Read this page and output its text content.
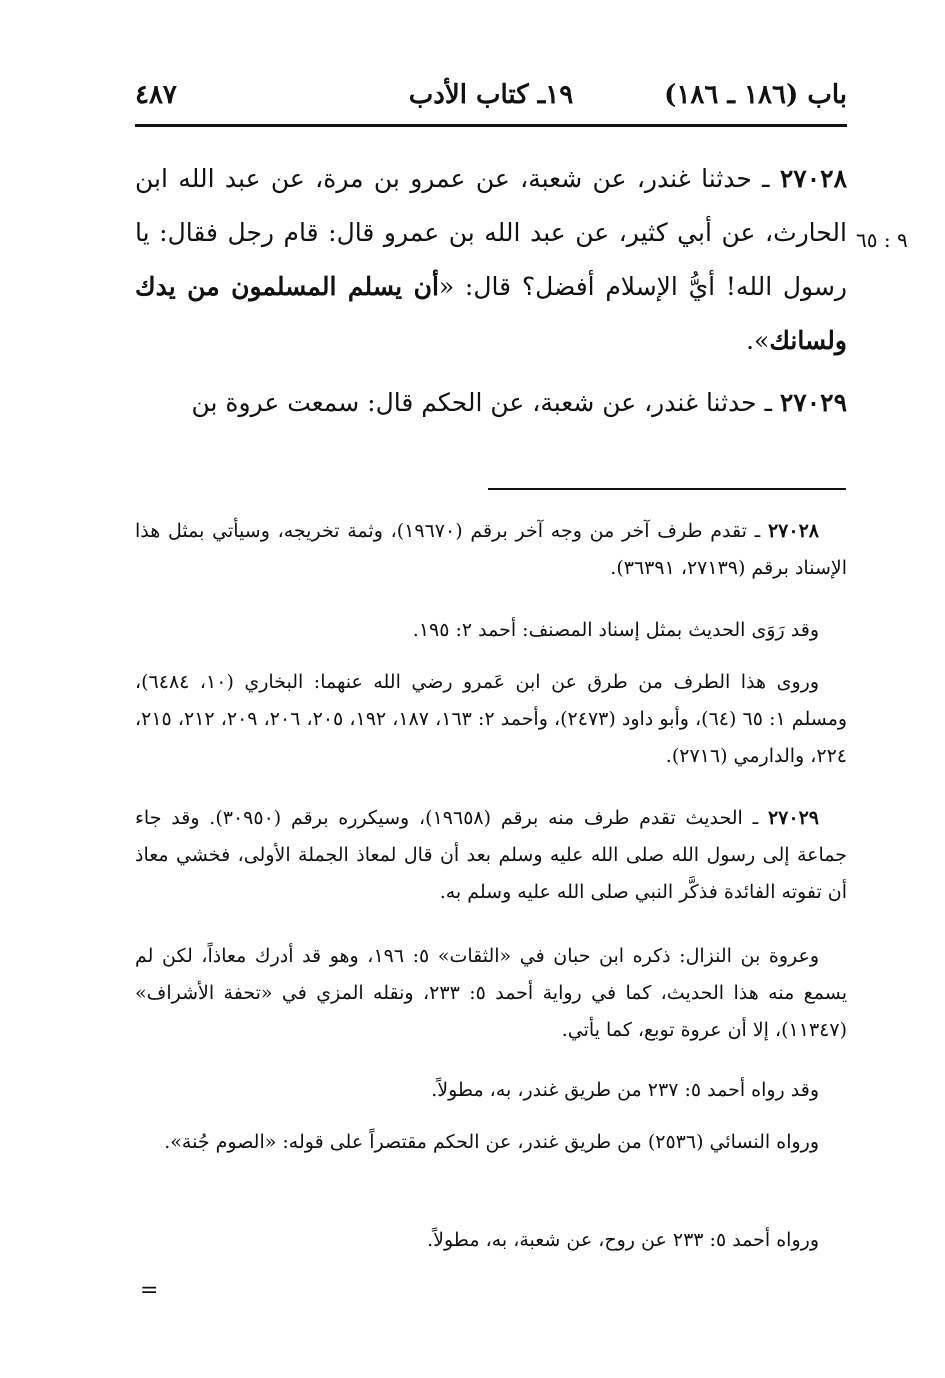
باب (١٨٦ ـ ١٨٦)
١٩ـ كتاب الأدب
٤٨٧
٩ : ٦٥

٢٧٠٢٨ ـ حدثنا غندر، عن شعبة، عن عمرو بن مرة، عن عبد الله ابن الحارث، عن أبي كثير، عن عبد الله بن عمرو قال: قام رجل فقال: يا رسول الله! أيُّ الإسلام أفضل؟ قال: «أن يسلم المسلمون من يدك ولسانك».

٢٧٠٢٩ ـ حدثنا غندر، عن شعبة، عن الحكم قال: سمعت عروة بن

٢٧٠٢٨ ـ تقدم طرف آخر من وجه آخر برقم (١٩٦٧٠)، وثمة تخريجه، وسيأتي بمثل هذا الإسناد برقم (٢٧١٣٩، ٣٦٣٩١).

وقد رَوَى الحديث بمثل إسناد المصنف: أحمد ٢: ١٩٥.

وروى هذا الطرف من طرق عن ابن عَمرو رضي الله عنهما: البخاري (١٠، ٦٤٨٤)، ومسلم ١: ٦٥ (٦٤)، وأبو داود (٢٤٧٣)، وأحمد ٢: ١٦٣، ١٨٧، ١٩٢، ٢٠٥، ٢٠٦، ٢٠٩، ٢١٢، ٢١٥، ٢٢٤، والدارمي (٢٧١٦).

٢٧٠٢٩ ـ الحديث تقدم طرف منه برقم (١٩٦٥٨)، وسيكرره برقم (٣٠٩٥٠). وقد جاء جماعة إلى رسول الله صلى الله عليه وسلم بعد أن قال لمعاذ الجملة الأولى، فخشي معاذ أن تفوته الفائدة فذكَّر النبي صلى الله عليه وسلم به.

وعروة بن النزال: ذكره ابن حبان في «الثقات» ٥: ١٩٦، وهو قد أدرك معاذاً، لكن لم يسمع منه هذا الحديث، كما في رواية أحمد ٥: ٢٣٣، ونقله المزي في «تحفة الأشراف» (١١٣٤٧)، إلا أن عروة توبع، كما يأتي.

وقد رواه أحمد ٥: ٢٣٧ من طريق غندر، به، مطولاً.

ورواه النسائي (٢٥٣٦) من طريق غندر، عن الحكم مقتصراً على قوله: «الصوم جُنة».

ورواه أحمد ٥: ٢٣٣ عن روح، عن شعبة، به، مطولاً.

=
